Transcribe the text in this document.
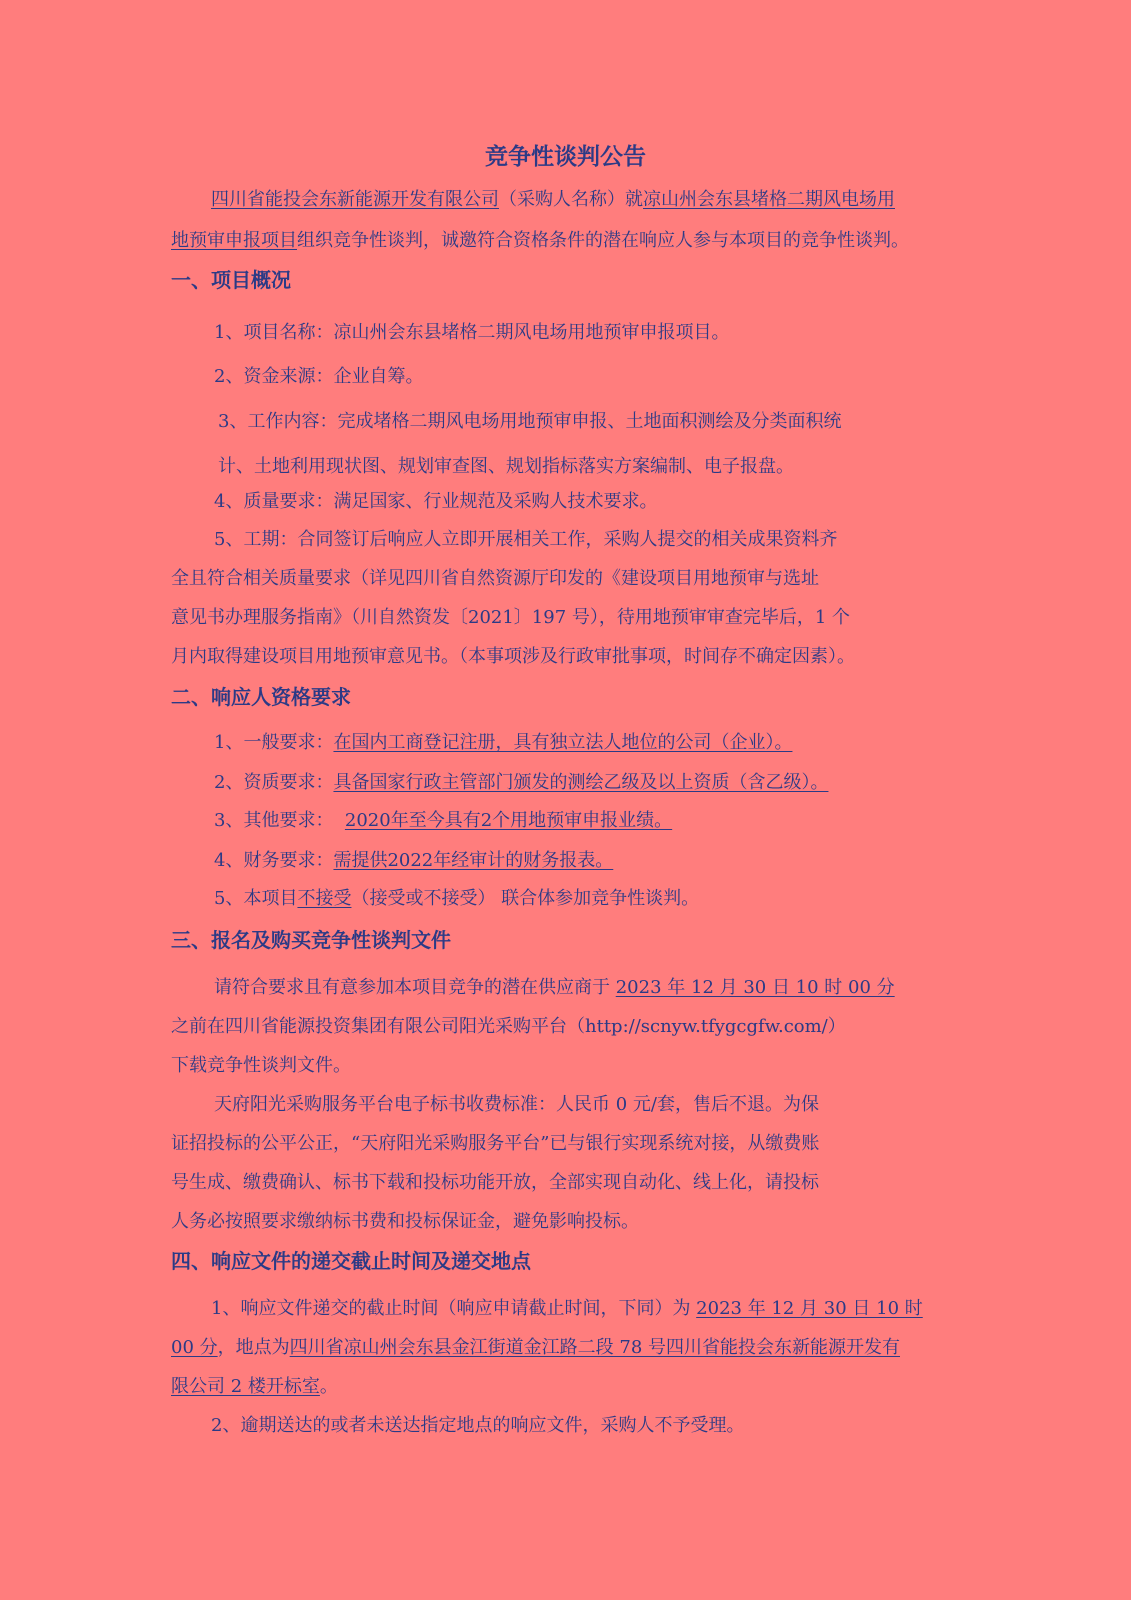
竞争性谈判公告
四川省能投会东新能源开发有限公司（采购人名称）就凉山州会东县堵格二期风电场用
地预审申报项目组织竞争性谈判，诚邀符合资格条件的潜在响应人参与本项目的竞争性谈判。
一、项目概况
1、项目名称：凉山州会东县堵格二期风电场用地预审申报项目。
2、资金来源：企业自筹。
3、工作内容：完成堵格二期风电场用地预审申报、土地面积测绘及分类面积统
计、土地利用现状图、规划审查图、规划指标落实方案编制、电子报盘。
4、质量要求：满足国家、行业规范及采购人技术要求。
5、工期：合同签订后响应人立即开展相关工作，采购人提交的相关成果资料齐
全且符合相关质量要求（详见四川省自然资源厅印发的《建设项目用地预审与选址
意见书办理服务指南》（川自然资发〔2021〕197 号），待用地预审审查完毕后，1 个
月内取得建设项目用地预审意见书。（本事项涉及行政审批事项，时间存不确定因素）。
二、响应人资格要求
1、一般要求：在国内工商登记注册，具有独立法人地位的公司（企业）。
2、资质要求：具备国家行政主管部门颁发的测绘乙级及以上资质（含乙级）。
3、其他要求： 2020年至今具有2个用地预审申报业绩。
4、财务要求：需提供2022年经审计的财务报表。
5、本项目不接受（接受或不接受） 联合体参加竞争性谈判。
三、报名及购买竞争性谈判文件
请符合要求且有意参加本项目竞争的潜在供应商于 2023 年 12 月 30 日 10 时 00 分
之前在四川省能源投资集团有限公司阳光采购平台（http://scnyw.tfygcgfw.com/）
下载竞争性谈判文件。
天府阳光采购服务平台电子标书收费标准：人民币 0 元/套，售后不退。为保
证招投标的公平公正，“天府阳光采购服务平台”已与银行实现系统对接，从缴费账
号生成、缴费确认、标书下载和投标功能开放，全部实现自动化、线上化，请投标
人务必按照要求缴纳标书费和投标保证金，避免影响投标。
四、响应文件的递交截止时间及递交地点
1、响应文件递交的截止时间（响应申请截止时间，下同）为 2023 年 12 月 30 日 10 时
00 分，地点为四川省凉山州会东县金江街道金江路二段 78 号四川省能投会东新能源开发有
限公司 2 楼开标室。
2、逾期送达的或者未送达指定地点的响应文件，采购人不予受理。
